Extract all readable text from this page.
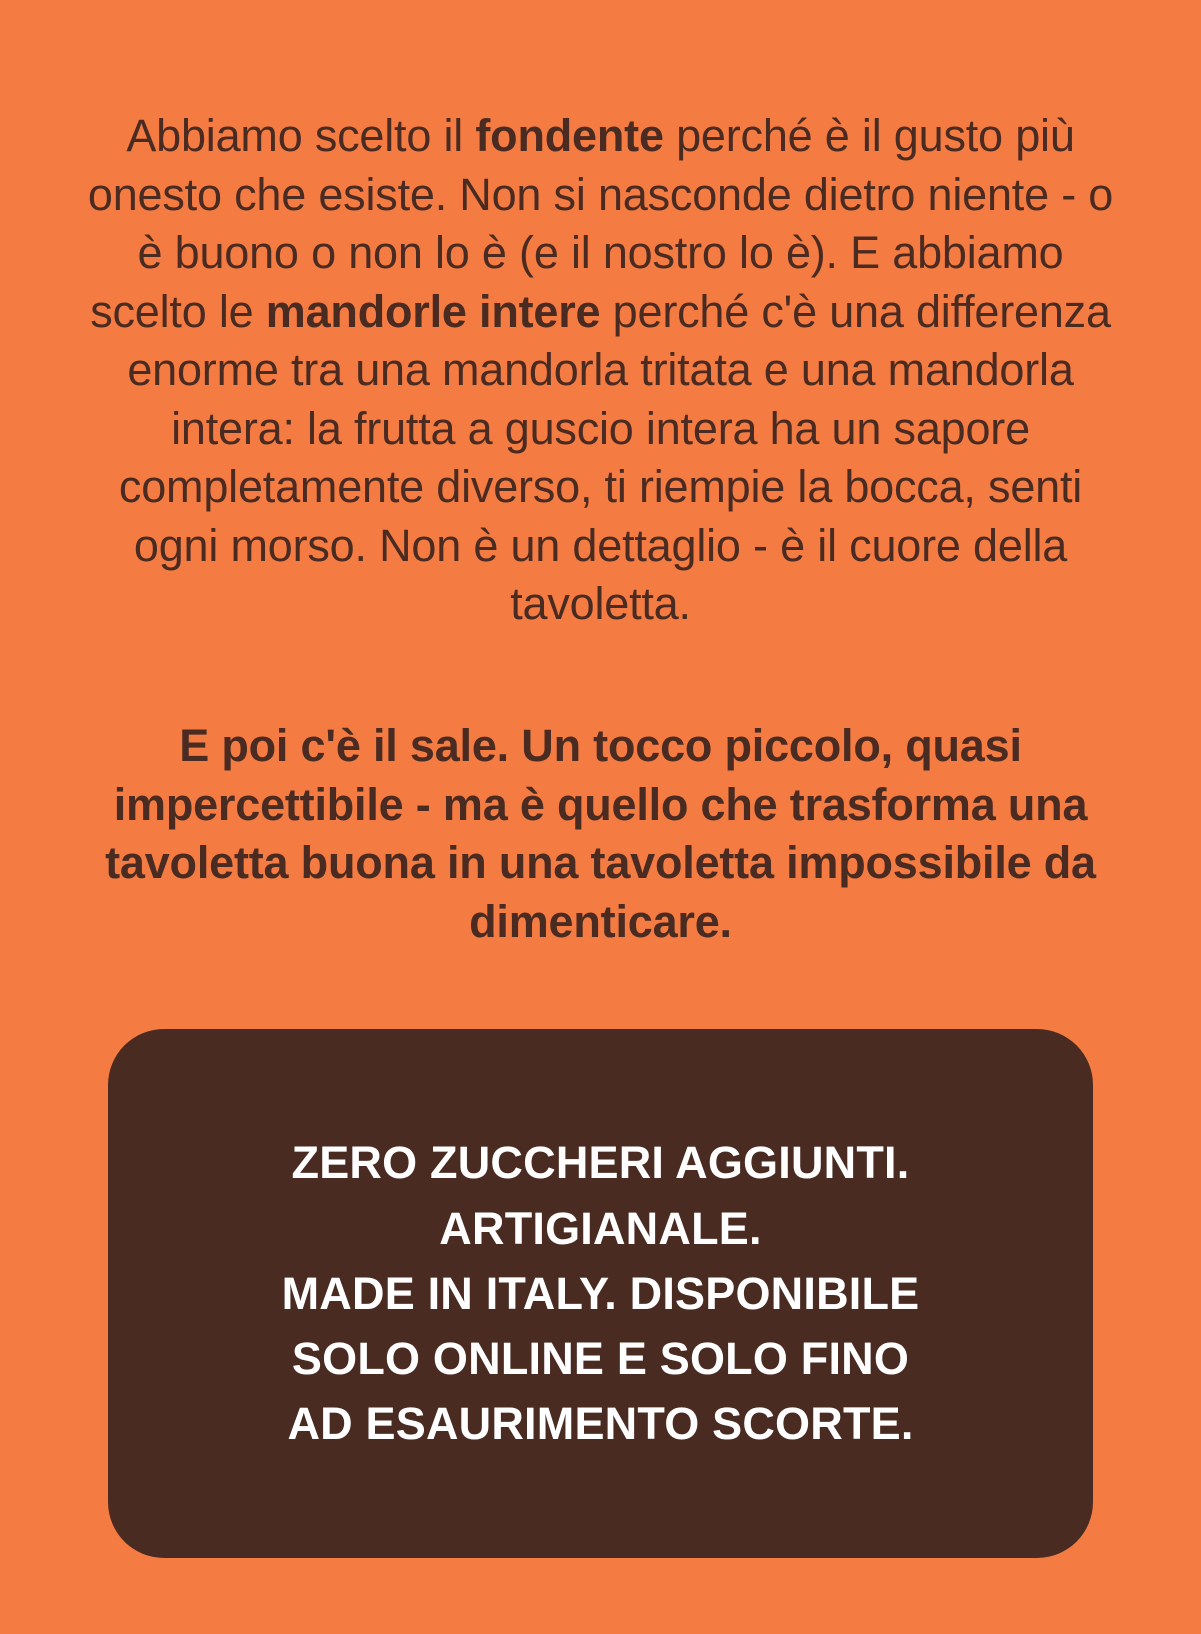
Abbiamo scelto il fondente perché è il gusto più onesto che esiste. Non si nasconde dietro niente - o è buono o non lo è (e il nostro lo è). E abbiamo scelto le mandorle intere perché c'è una differenza enorme tra una mandorla tritata e una mandorla intera: la frutta a guscio intera ha un sapore completamente diverso, ti riempie la bocca, senti ogni morso. Non è un dettaglio - è il cuore della tavoletta.

E poi c'è il sale. Un tocco piccolo, quasi impercettibile - ma è quello che trasforma una tavoletta buona in una tavoletta impossibile da dimenticare.

ZERO ZUCCHERI AGGIUNTI.
ARTIGIANALE.
MADE IN ITALY. DISPONIBILE
SOLO ONLINE E SOLO FINO
AD ESAURIMENTO SCORTE.
